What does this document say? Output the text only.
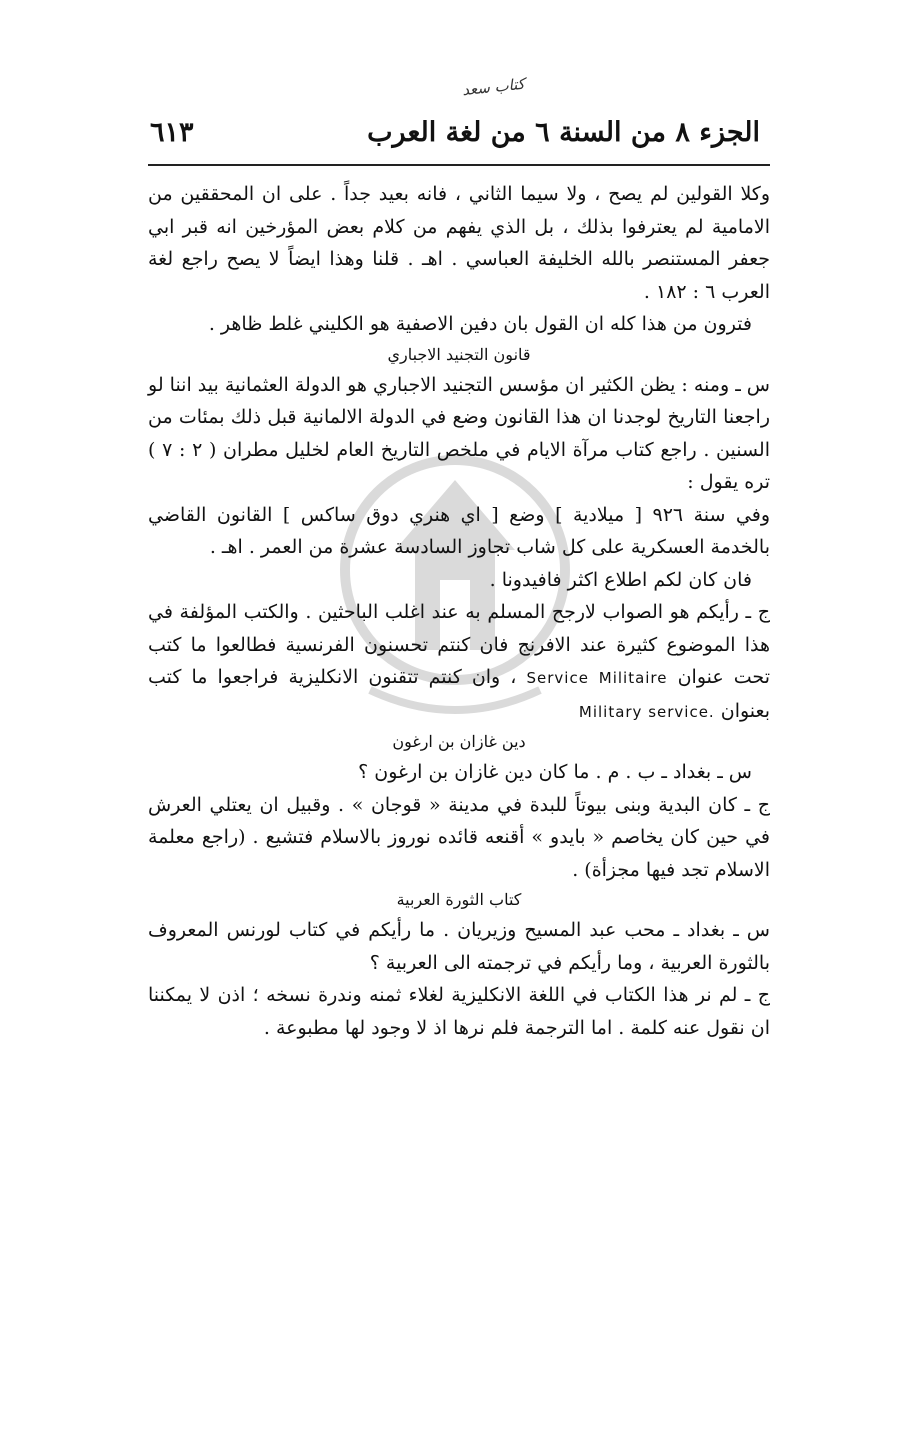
كتاب سعد
الجزء ٨ من السنة ٦ من لغة العرب
٦١٣

وكلا القولين لم يصح ، ولا سيما الثاني ، فانه بعيد جداً . على ان المحققين من الامامية لم يعترفوا بذلك ، بل الذي يفهم من كلام بعض المؤرخين انه قبر ابي جعفر المستنصر بالله الخليفة العباسي . اهـ . قلنا وهذا ايضاً لا يصح راجع لغة العرب ٦ : ١٨٢ .

فترون من هذا كله ان القول بان دفين الاصفية هو الكليني غلط ظاهر .

قانون التجنيد الاجباري

س ـ ومنه : يظن الكثير ان مؤسس التجنيد الاجباري هو الدولة العثمانية بيد اننا لو راجعنا التاريخ لوجدنا ان هذا القانون وضع في الدولة الالمانية قبل ذلك بمئات من السنين . راجع كتاب مرآة الايام في ملخص التاريخ العام لخليل مطران ( ٢ : ٧ ) تره يقول :

وفي سنة ٩٢٦ [ ميلادية ] وضع [ اي هنري دوق ساكس ] القانون القاضي بالخدمة العسكرية على كل شاب تجاوز السادسة عشرة من العمر . اهـ .

فان كان لكم اطلاع اكثر فافيدونا .

ج ـ رأيكم هو الصواب لارجح المسلم به عند اغلب الباحثين . والكتب المؤلفة في هذا الموضوع كثيرة عند الافرنج فان كنتم تحسنون الفرنسية فطالعوا ما كتب تحت عنوان Service Militaire ، وان كنتم تتقنون الانكليزية فراجعوا ما كتب بعنوان Military service.

دين غازان بن ارغون

س ـ بغداد ـ ب . م . ما كان دين غازان بن ارغون ؟

ج ـ كان البدية وبنى بيوتاً للبدة في مدينة « قوجان » . وقبيل ان يعتلي العرش في حين كان يخاصم « بايدو » أقنعه قائده نوروز بالاسلام فتشيع . (راجع معلمة الاسلام تجد فيها مجزأة) .

كتاب الثورة العربية

س ـ بغداد ـ محب عبد المسيح وزيريان . ما رأيكم في كتاب لورنس المعروف بالثورة العربية ، وما رأيكم في ترجمته الى العربية ؟

ج ـ لم نر هذا الكتاب في اللغة الانكليزية لغلاء ثمنه وندرة نسخه ؛ اذن لا يمكننا ان نقول عنه كلمة . اما الترجمة فلم نرها اذ لا وجود لها مطبوعة .
